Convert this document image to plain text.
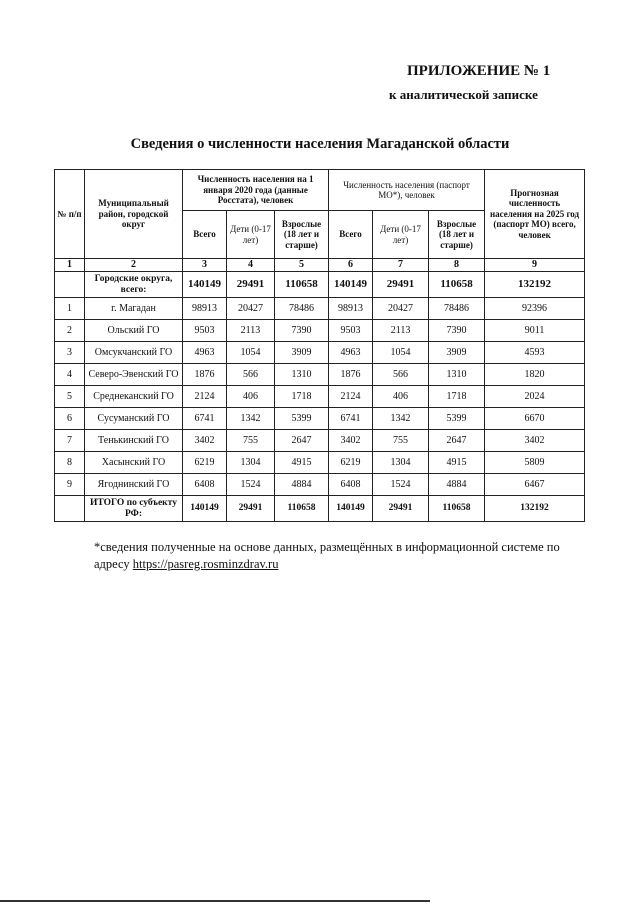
ПРИЛОЖЕНИЕ № 1
к аналитической записке
Сведения о численности населения Магаданской области
№ п/п	Муниципальный район, городской округ	Численность населения на 1 января 2020 года (данные Росстата), человек			Численность населения (паспорт МО*), человек			Прогнозная численность населения на 2025 год (паспорт МО) всего, человек
		Всего	Дети (0-17 лет)	Взрослые (18 лет и старше)	Всего	Дети (0-17 лет)	Взрослые (18 лет и старше)	
1	2	3	4	5	6	7	8	9
	Городские округа, всего:	140149	29491	110658	140149	29491	110658	132192
1	г. Магадан	98913	20427	78486	98913	20427	78486	92396
2	Ольский ГО	9503	2113	7390	9503	2113	7390	9011
3	Омсукчанский ГО	4963	1054	3909	4963	1054	3909	4593
4	Северо-Эвенский ГО	1876	566	1310	1876	566	1310	1820
5	Среднеканский ГО	2124	406	1718	2124	406	1718	2024
6	Сусуманский ГО	6741	1342	5399	6741	1342	5399	6670
7	Тенькинский ГО	3402	755	2647	3402	755	2647	3402
8	Хасынский ГО	6219	1304	4915	6219	1304	4915	5809
9	Ягоднинский ГО	6408	1524	4884	6408	1524	4884	6467
	ИТОГО по субъекту РФ:	140149	29491	110658	140149	29491	110658	132192
*сведения полученные на основе данных, размещённых в информационной системе по адресу https://pasreg.rosminzdrav.ru
